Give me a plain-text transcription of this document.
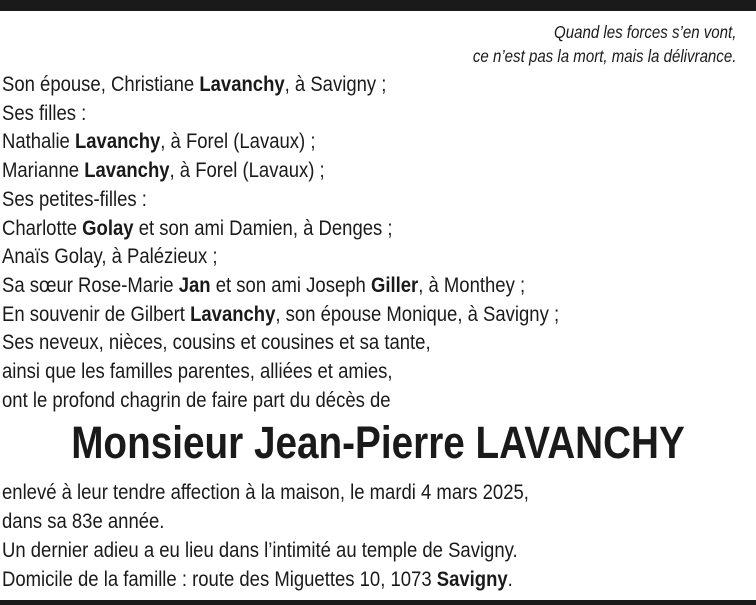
Quand les forces s’en vont,
ce n’est pas la mort, mais la délivrance.
Son épouse, Christiane Lavanchy, à Savigny ;
Ses filles :
Nathalie Lavanchy, à Forel (Lavaux) ;
Marianne Lavanchy, à Forel (Lavaux) ;
Ses petites-filles :
Charlotte Golay et son ami Damien, à Denges ;
Anaïs Golay, à Palézieux ;
Sa sœur Rose-Marie Jan et son ami Joseph Giller, à Monthey ;
En souvenir de Gilbert Lavanchy, son épouse Monique, à Savigny ;
Ses neveux, nièces, cousins et cousines et sa tante,
ainsi que les familles parentes, alliées et amies,
ont le profond chagrin de faire part du décès de
Monsieur Jean-Pierre LAVANCHY
enlevé à leur tendre affection à la maison, le mardi 4 mars 2025,
dans sa 83e année.
Un dernier adieu a eu lieu dans l’intimité au temple de Savigny.
Domicile de la famille : route des Miguettes 10, 1073 Savigny.
